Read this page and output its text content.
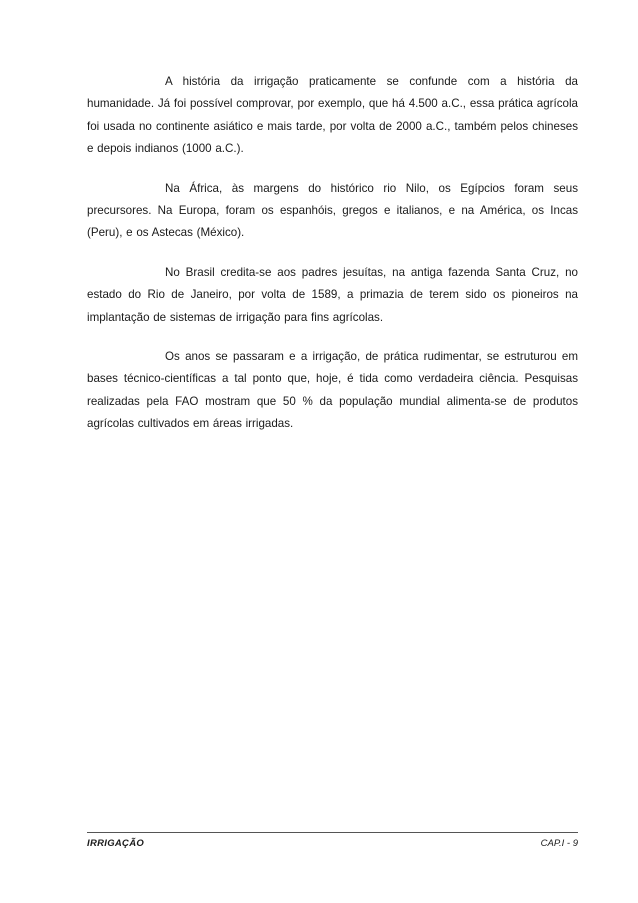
A história da irrigação praticamente se confunde com a história da humanidade. Já foi possível comprovar, por exemplo, que há 4.500 a.C., essa prática agrícola foi usada no continente asiático e mais tarde, por volta de 2000 a.C., também pelos chineses e depois indianos (1000 a.C.).

Na África, às margens do histórico rio Nilo, os Egípcios foram seus precursores. Na Europa, foram os espanhóis, gregos e italianos, e na América, os Incas (Peru), e os Astecas (México).

No Brasil credita-se aos padres jesuítas, na antiga fazenda Santa Cruz, no estado do Rio de Janeiro, por volta de 1589, a primazia de terem sido os pioneiros na implantação de sistemas de irrigação para fins agrícolas.

Os anos se passaram e a irrigação, de prática rudimentar, se estruturou em bases técnico-científicas a tal ponto que, hoje, é tida como verdadeira ciência. Pesquisas realizadas pela FAO mostram que 50 % da população mundial alimenta-se de produtos agrícolas cultivados em áreas irrigadas.

IRRIGAÇÃO	CAP.I - 9
